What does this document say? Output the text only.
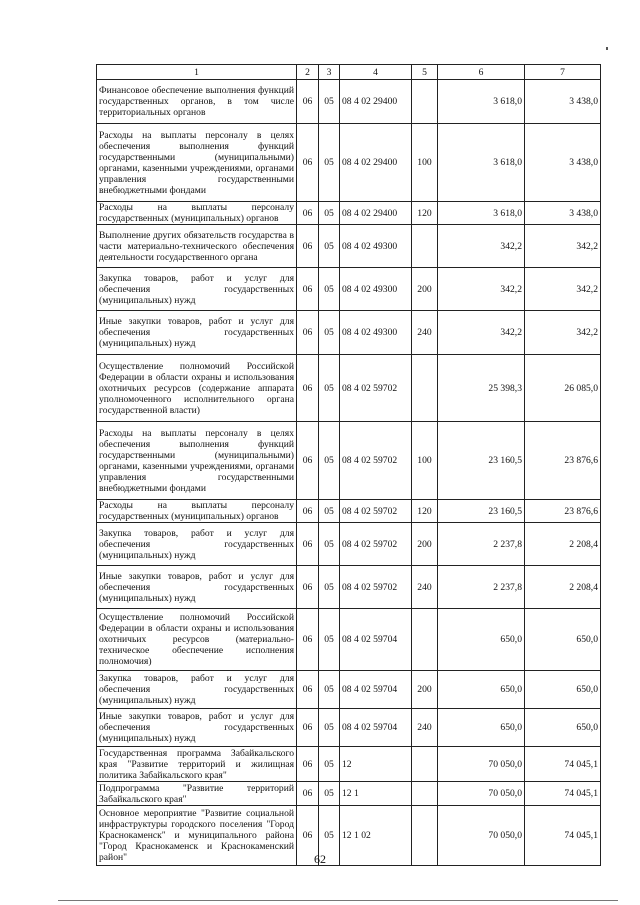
1	2	3	4	5	6	7
Финансовое обеспечение выполнения функций государственных органов, в том числе территориальных органов	06	05	08 4 02 29400		3 618,0	3 438,0
Расходы на выплаты персоналу в целях обеспечения выполнения функций государственными (муниципальными) органами, казенными учреждениями, органами управления государственными внебюджетными фондами	06	05	08 4 02 29400	100	3 618,0	3 438,0
Расходы на выплаты персоналу государственных (муниципальных) органов	06	05	08 4 02 29400	120	3 618,0	3 438,0
Выполнение других обязательств государства в части материально-технического обеспечения деятельности государственного органа	06	05	08 4 02 49300		342,2	342,2
Закупка товаров, работ и услуг для обеспечения государственных (муниципальных) нужд	06	05	08 4 02 49300	200	342,2	342,2
Иные закупки товаров, работ и услуг для обеспечения государственных (муниципальных) нужд	06	05	08 4 02 49300	240	342,2	342,2
Осуществление полномочий Российской Федерации в области охраны и использования охотничьих ресурсов (содержание аппарата уполномоченного исполнительного органа государственной власти)	06	05	08 4 02 59702		25 398,3	26 085,0
Расходы на выплаты персоналу в целях обеспечения выполнения функций государственными (муниципальными) органами, казенными учреждениями, органами управления государственными внебюджетными фондами	06	05	08 4 02 59702	100	23 160,5	23 876,6
Расходы на выплаты персоналу государственных (муниципальных) органов	06	05	08 4 02 59702	120	23 160,5	23 876,6
Закупка товаров, работ и услуг для обеспечения государственных (муниципальных) нужд	06	05	08 4 02 59702	200	2 237,8	2 208,4
Иные закупки товаров, работ и услуг для обеспечения государственных (муниципальных) нужд	06	05	08 4 02 59702	240	2 237,8	2 208,4
Осуществление полномочий Российской Федерации в области охраны и использования охотничьих ресурсов (материально-техническое обеспечение исполнения полномочия)	06	05	08 4 02 59704		650,0	650,0
Закупка товаров, работ и услуг для обеспечения государственных (муниципальных) нужд	06	05	08 4 02 59704	200	650,0	650,0
Иные закупки товаров, работ и услуг для обеспечения государственных (муниципальных) нужд	06	05	08 4 02 59704	240	650,0	650,0
Государственная программа Забайкальского края "Развитие территорий и жилищная политика Забайкальского края"	06	05	12		70 050,0	74 045,1
Подпрограмма "Развитие территорий Забайкальского края"	06	05	12 1		70 050,0	74 045,1
Основное мероприятие "Развитие социальной инфраструктуры городского поселения "Город Краснокаменск" и муниципального района "Город Краснокаменск и Краснокаменский район"	06	05	12 1 02		70 050,0	74 045,1
62
